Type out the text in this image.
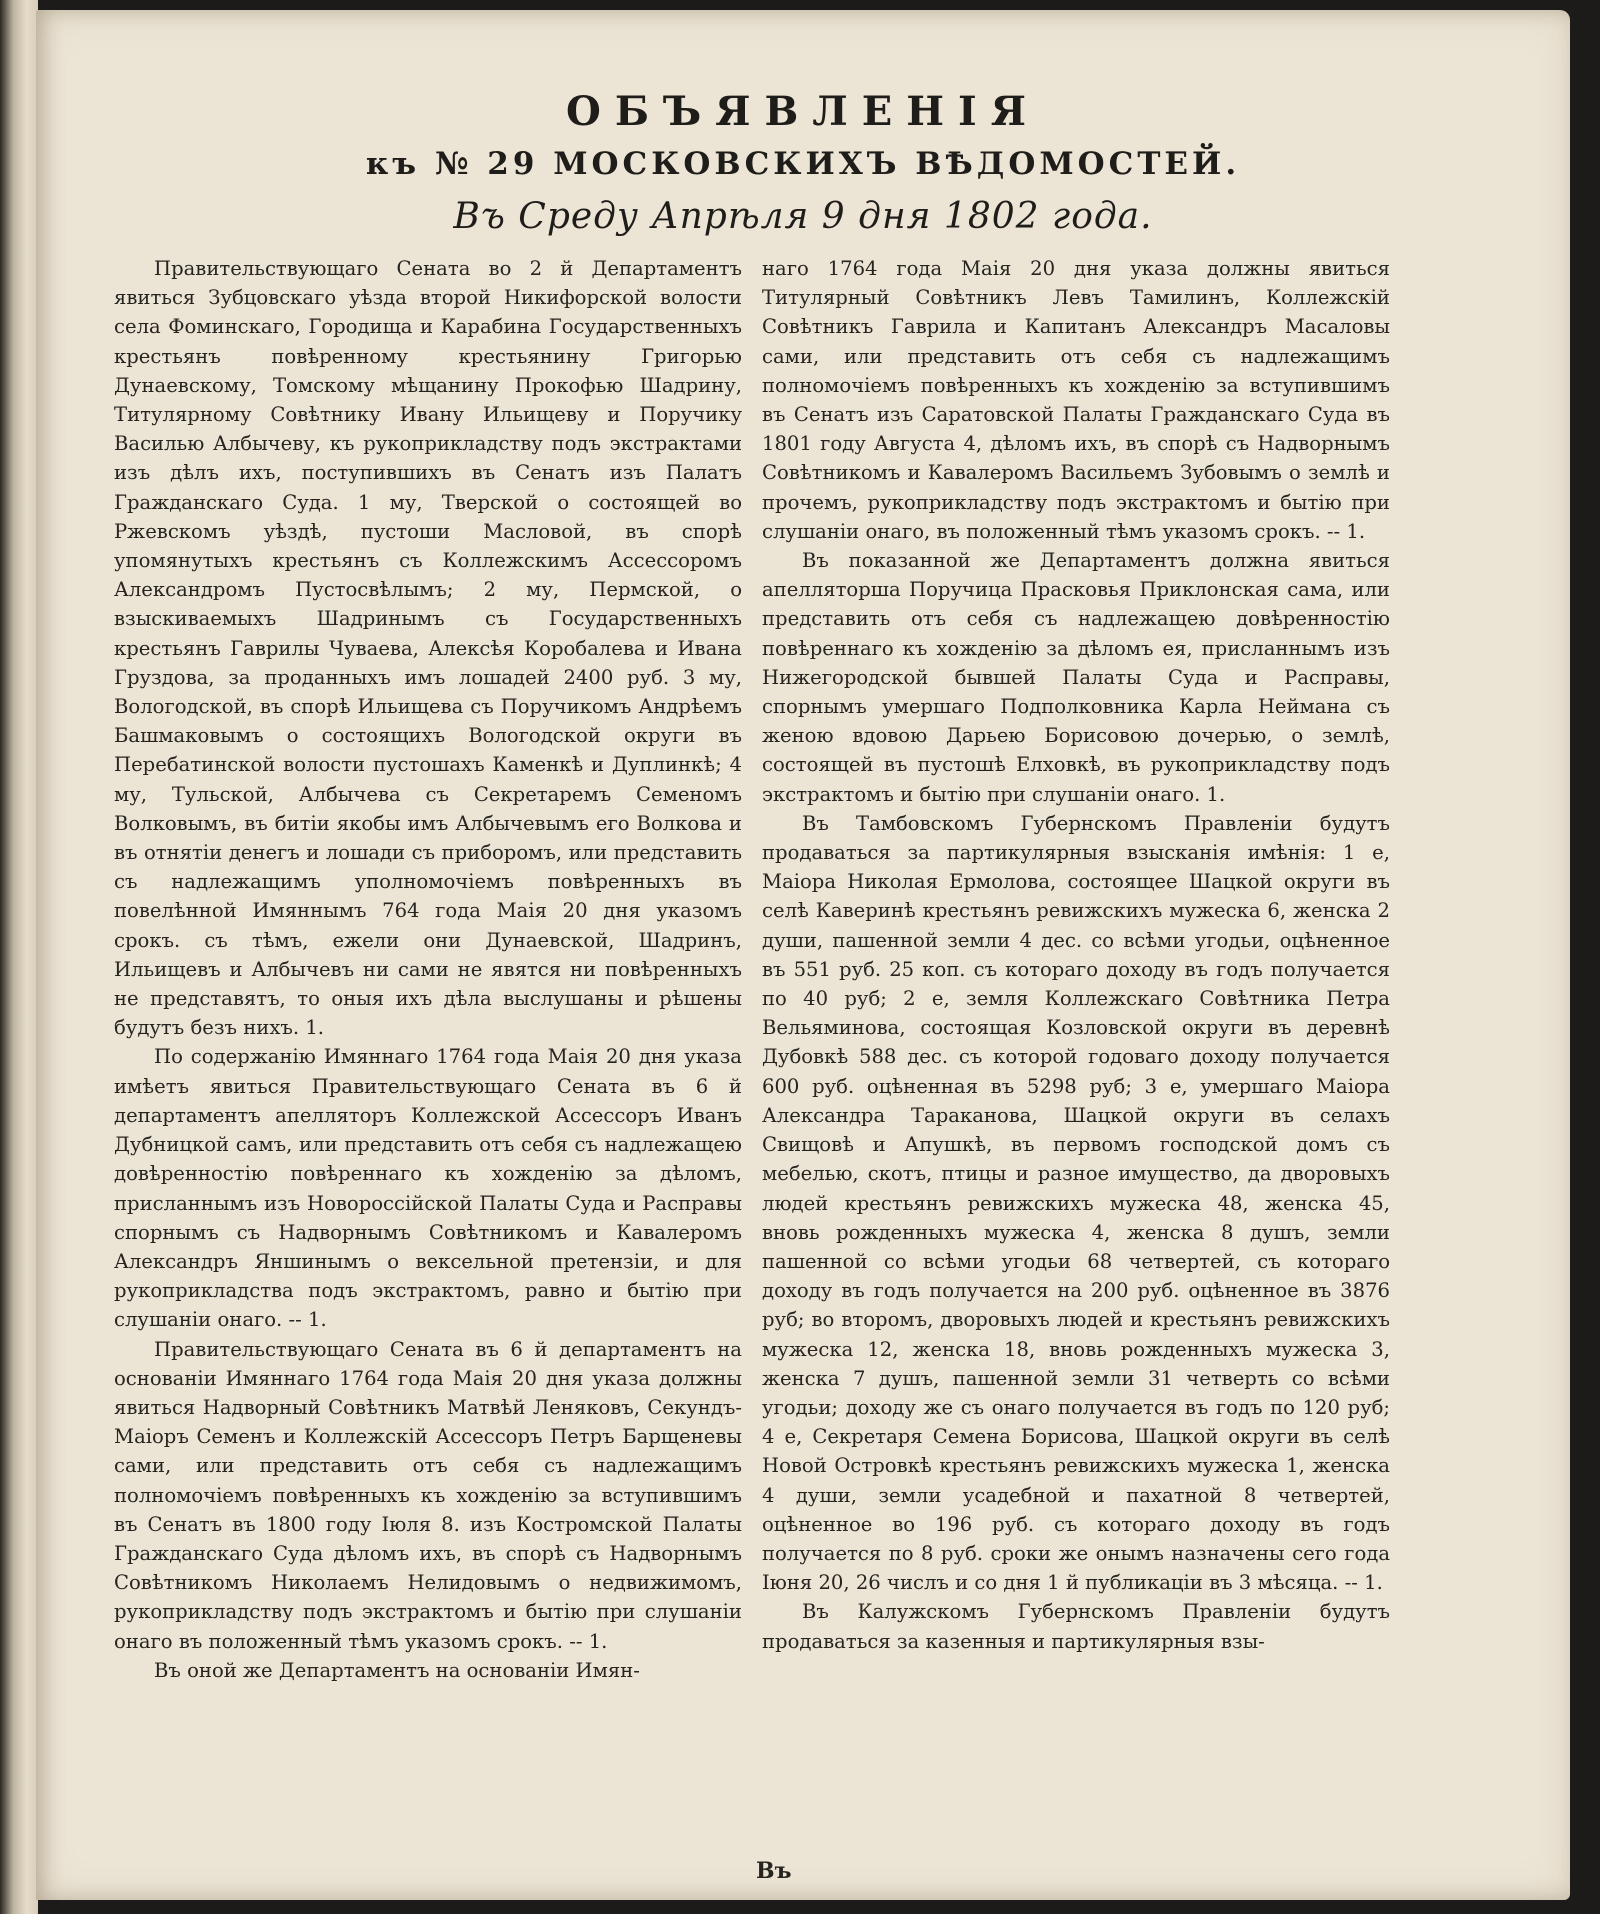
ОБЪЯВЛЕНІЯ
къ № 29 МОСКОВСКИХЪ ВѢДОМОСТЕЙ.
Въ Среду Апрѣля 9 дня 1802 года.

Правительствующаго Сената во 2 й Департаментъ явиться Зубцовскаго уѣзда второй Никифорской волости села Фоминскаго, Городища и Карабина Государственныхъ крестьянъ повѣренному крестьянину Григорью Дунаевскому, Томскому мѣщанину Прокофью Шадрину, Титулярному Совѣтнику Ивану Ильищеву и Поручику Василью Албычеву, къ рукоприкладству подъ экстрактами изъ дѣлъ ихъ, поступившихъ въ Сенатъ изъ Палатъ Гражданскаго Суда. 1 му, Тверской о состоящей во Ржевскомъ уѣздѣ, пустоши Масловой, въ спорѣ упомянутыхъ крестьянъ съ Коллежскимъ Ассессоромъ Александромъ Пустосвѣлымъ; 2 му, Пермской, о взыскиваемыхъ Шадринымъ съ Государственныхъ крестьянъ Гаврилы Чуваева, Алексѣя Коробалева и Ивана Груздова, за проданныхъ имъ лошадей 2400 руб. 3 му, Вологодской, въ спорѣ Ильищева съ Поручикомъ Андрѣемъ Башмаковымъ о состоящихъ Вологодской округи въ Перебатинской волости пустошахъ Каменкѣ и Дуплинкѣ; 4 му, Тульской, Албычева съ Секретаремъ Семеномъ Волковымъ, въ битіи якобы имъ Албычевымъ его Волкова и въ отнятіи денегъ и лошади съ приборомъ, или представить съ надлежащимъ уполномочіемъ повѣренныхъ въ повелѣнной Имяннымъ 764 года Маія 20 дня указомъ срокъ. съ тѣмъ, ежели они Дунаевской, Шадринъ, Ильищевъ и Албычевъ ни сами не явятся ни повѣренныхъ не представятъ, то оныя ихъ дѣла выслушаны и рѣшены будутъ безъ нихъ. 1.

По содержанію Имяннаго 1764 года Маія 20 дня указа имѣетъ явиться Правительствующаго Сената въ 6 й департаментъ апелляторъ Коллежской Ассессоръ Иванъ Дубницкой самъ, или представить отъ себя съ надлежащею довѣренностію повѣреннаго къ хожденію за дѣломъ, присланнымъ изъ Новороссійской Палаты Суда и Расправы спорнымъ съ Надворнымъ Совѣтникомъ и Кавалеромъ Александръ Яншинымъ о вексельной претензіи, и для рукоприкладства подъ экстрактомъ, равно и бытію при слушаніи онаго. -- 1.

Правительствующаго Сената въ 6 й департаментъ на основаніи Имяннаго 1764 года Маія 20 дня указа должны явиться Надворный Совѣтникъ Матвѣй Леняковъ, Секундъ-Маіоръ Семенъ и Коллежскій Ассессоръ Петръ Барщеневы сами, или представить отъ себя съ надлежащимъ полномочіемъ повѣренныхъ къ хожденію за вступившимъ въ Сенатъ въ 1800 году Іюля 8. изъ Костромской Палаты Гражданскаго Суда дѣломъ ихъ, въ спорѣ съ Надворнымъ Совѣтникомъ Николаемъ Нелидовымъ о недвижимомъ, рукоприкладству подъ экстрактомъ и бытію при слушаніи онаго въ положенный тѣмъ указомъ срокъ. -- 1.

Въ оной же Департаментъ на основаніи Имян-

наго 1764 года Маія 20 дня указа должны явиться Титулярный Совѣтникъ Левъ Тамилинъ, Коллежскій Совѣтникъ Гаврила и Капитанъ Александръ Масаловы сами, или представить отъ себя съ надлежащимъ полномочіемъ повѣренныхъ къ хожденію за вступившимъ въ Сенатъ изъ Саратовской Палаты Гражданскаго Суда въ 1801 году Августа 4, дѣломъ ихъ, въ спорѣ съ Надворнымъ Совѣтникомъ и Кавалеромъ Васильемъ Зубовымъ о землѣ и прочемъ, рукоприкладству подъ экстрактомъ и бытію при слушаніи онаго, въ положенный тѣмъ указомъ срокъ. -- 1.

Въ показанной же Департаментъ должна явиться апелляторша Поручица Прасковья Приклонская сама, или представить отъ себя съ надлежащею довѣренностію повѣреннаго къ хожденію за дѣломъ ея, присланнымъ изъ Нижегородской бывшей Палаты Суда и Расправы, спорнымъ умершаго Подполковника Карла Неймана съ женою вдовою Дарьею Борисовою дочерью, о землѣ, состоящей въ пустошѣ Елховкѣ, въ рукоприкладству подъ экстрактомъ и бытію при слушаніи онаго. 1.

Въ Тамбовскомъ Губернскомъ Правленіи будутъ продаваться за партикулярныя взысканія имѣнія: 1 е, Маіора Николая Ермолова, состоящее Шацкой округи въ селѣ Каверинѣ крестьянъ ревижскихъ мужеска 6, женска 2 души, пашенной земли 4 дес. со всѣми угодьи, оцѣненное въ 551 руб. 25 коп. съ котораго доходу въ годъ получается по 40 руб; 2 е, земля Коллежскаго Совѣтника Петра Вельяминова, состоящая Козловской округи въ деревнѣ Дубовкѣ 588 дес. съ которой годоваго доходу получается 600 руб. оцѣненная въ 5298 руб; 3 е, умершаго Маіора Александра Тараканова, Шацкой округи въ селахъ Свищовѣ и Апушкѣ, въ первомъ господской домъ съ мебелью, скотъ, птицы и разное имущество, да дворовыхъ людей крестьянъ ревижскихъ мужеска 48, женска 45, вновь рожденныхъ мужеска 4, женска 8 душъ, земли пашенной со всѣми угодьи 68 четвертей, съ котораго доходу въ годъ получается на 200 руб. оцѣненное въ 3876 руб; во второмъ, дворовыхъ людей и крестьянъ ревижскихъ мужеска 12, женска 18, вновь рожденныхъ мужеска 3, женска 7 душъ, пашенной земли 31 четверть со всѣми угодьи; доходу же съ онаго получается въ годъ по 120 руб; 4 е, Секретаря Семена Борисова, Шацкой округи въ селѣ Новой Островкѣ крестьянъ ревижскихъ мужеска 1, женска 4 души, земли усадебной и пахатной 8 четвертей, оцѣненное во 196 руб. съ котораго доходу въ годъ получается по 8 руб. сроки же онымъ назначены сего года Іюня 20, 26 числъ и со дня 1 й публикаціи въ 3 мѣсяца. -- 1.

Въ Калужскомъ Губернскомъ Правленіи будутъ продаваться за казенныя и партикулярныя взы-

Въ
